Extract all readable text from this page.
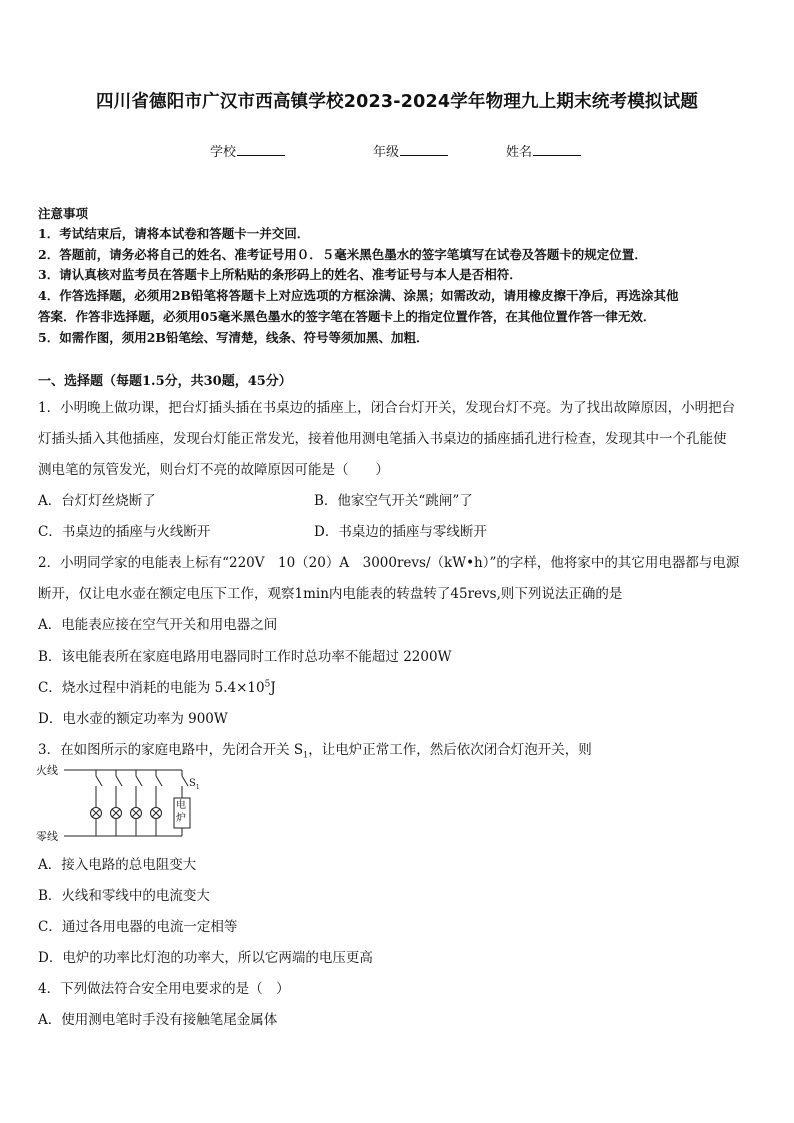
四川省德阳市广汉市西高镇学校2023-2024学年物理九上期末统考模拟试题
学校	年级	姓名
注意事项
1．考试结束后，请将本试卷和答题卡一并交回．
2．答题前，请务必将自己的姓名、准考证号用０．５毫米黑色墨水的签字笔填写在试卷及答题卡的规定位置．
3．请认真核对监考员在答题卡上所粘贴的条形码上的姓名、准考证号与本人是否相符．
4．作答选择题，必须用2B铅笔将答题卡上对应选项的方框涂满、涂黑；如需改动，请用橡皮擦干净后，再选涂其他
答案．作答非选择题，必须用05毫米黑色墨水的签字笔在答题卡上的指定位置作答，在其他位置作答一律无效．
5．如需作图，须用2B铅笔绘、写清楚，线条、符号等须加黑、加粗．
一、选择题（每题1.5分，共30题，45分）
1．小明晚上做功课，把台灯插头插在书桌边的插座上，闭合台灯开关，发现台灯不亮。为了找出故障原因，小明把台
灯插头插入其他插座，发现台灯能正常发光，接着他用测电笔插入书桌边的插座插孔进行检查，发现其中一个孔能使
测电笔的氖管发光，则台灯不亮的故障原因可能是（　　）
A．台灯灯丝烧断了	B．他家空气开关“跳闸”了
C．书桌边的插座与火线断开	D．书桌边的插座与零线断开
2．小明同学家的电能表上标有“220V　10（20）A　3000revs/（kW•h）”的字样，他将家中的其它用电器都与电源
断开，仅让电水壶在额定电压下工作，观察1min内电能表的转盘转了45revs,则下列说法正确的是
A．电能表应接在空气开关和用电器之间
B．该电能表所在家庭电路用电器同时工作时总功率不能超过 2200W
C．烧水过程中消耗的电能为 $5.4\times 10^5J$
D．电水壶的额定功率为 900W
3．在如图所示的家庭电路中，先闭合开关 $S_1$，让电炉正常工作，然后依次闭合灯泡开关，则
火线
零线
$S_1$
电
炉
A．接入电路的总电阻变大
B．火线和零线中的电流变大
C．通过各用电器的电流一定相等
D．电炉的功率比灯泡的功率大，所以它两端的电压更高
4．下列做法符合安全用电要求的是（　）
A．使用测电笔时手没有接触笔尾金属体
